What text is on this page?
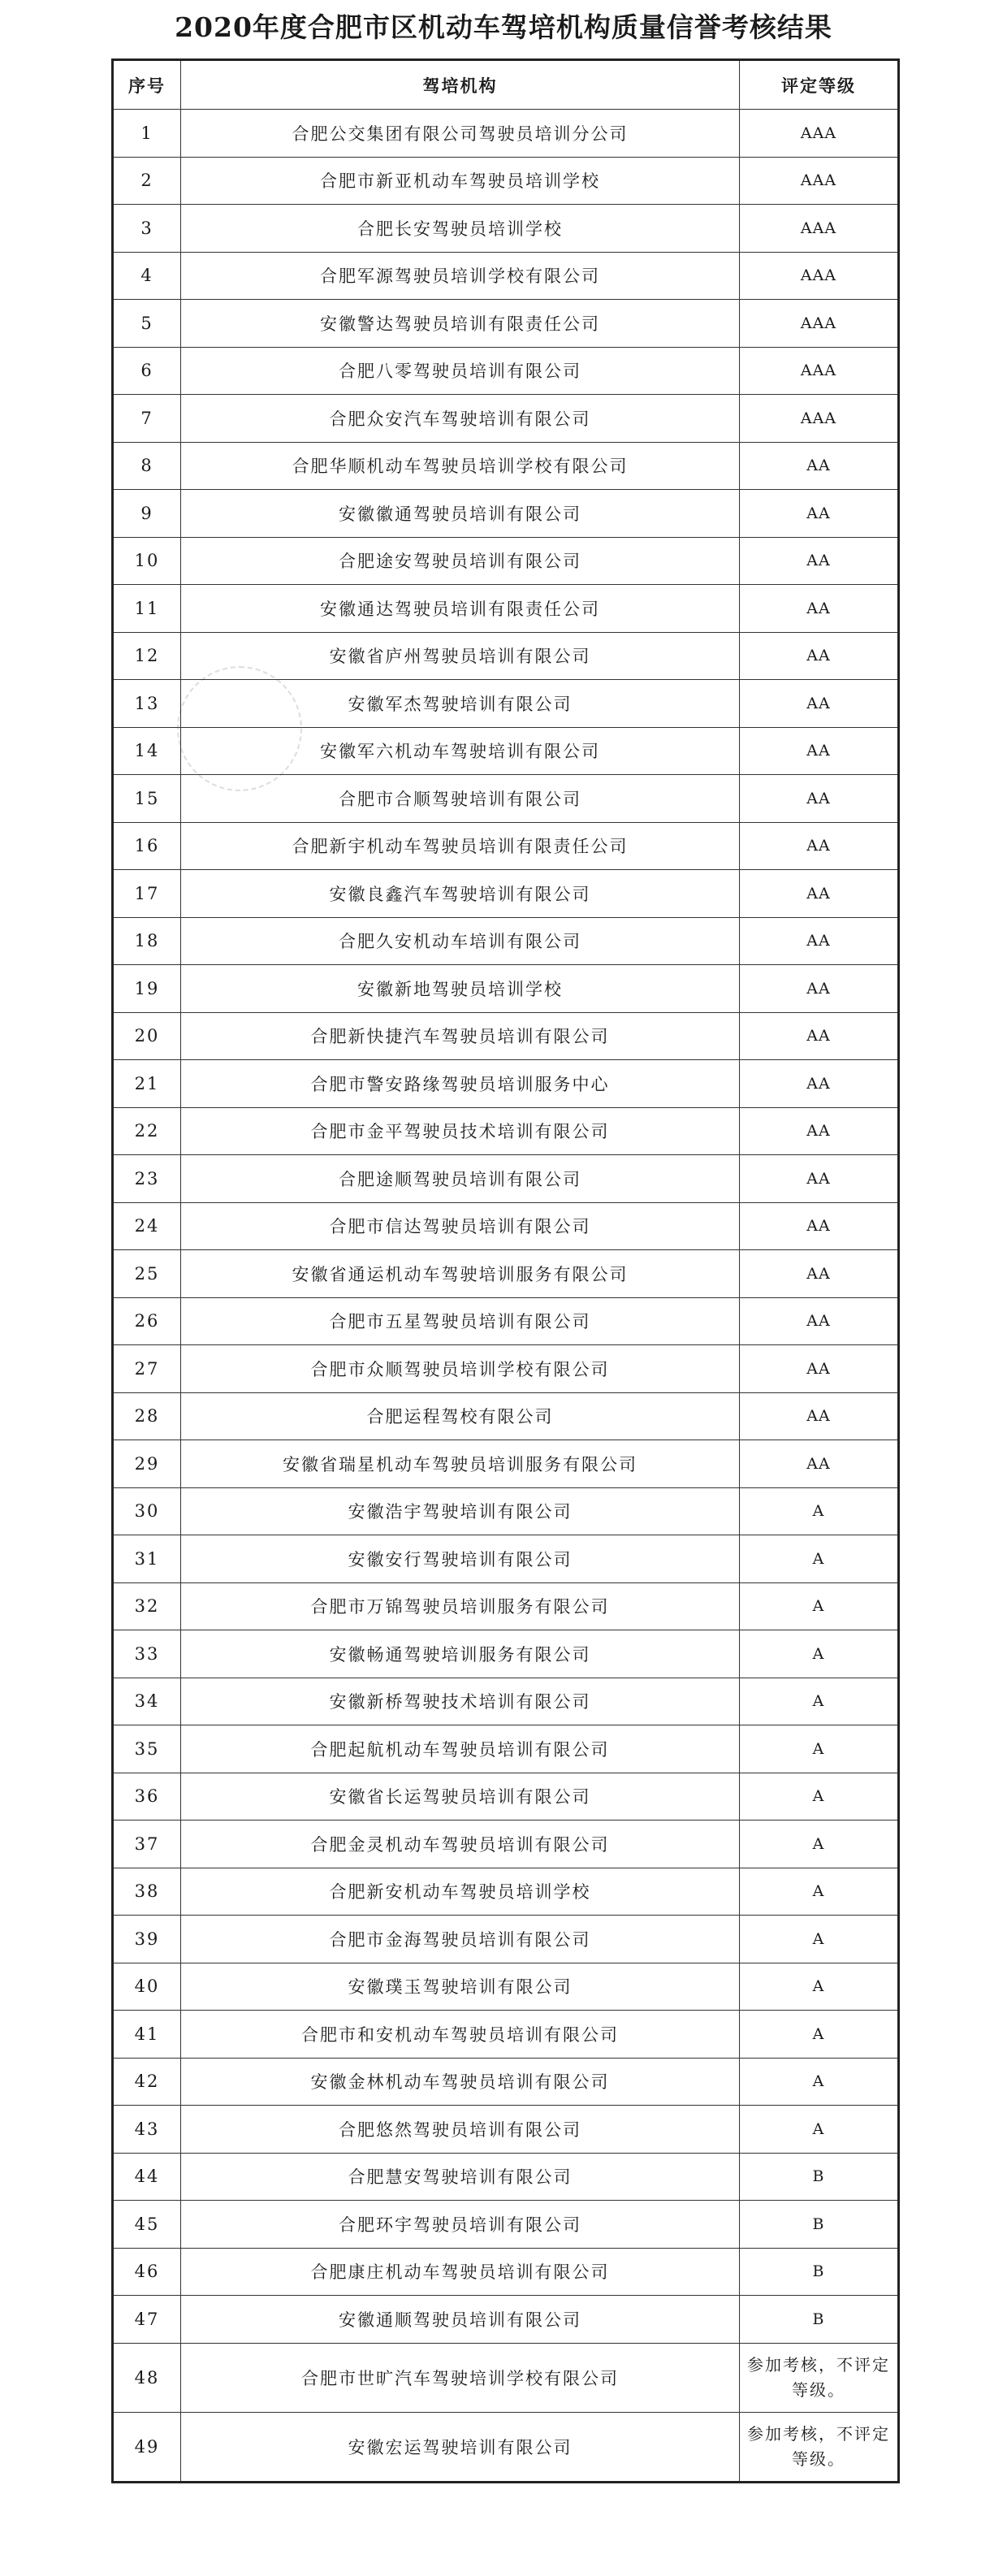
2020年度合肥市区机动车驾培机构质量信誉考核结果
序号	驾培机构	评定等级
1	合肥公交集团有限公司驾驶员培训分公司	AAA
2	合肥市新亚机动车驾驶员培训学校	AAA
3	合肥长安驾驶员培训学校	AAA
4	合肥军源驾驶员培训学校有限公司	AAA
5	安徽警达驾驶员培训有限责任公司	AAA
6	合肥八零驾驶员培训有限公司	AAA
7	合肥众安汽车驾驶培训有限公司	AAA
8	合肥华顺机动车驾驶员培训学校有限公司	AA
9	安徽徽通驾驶员培训有限公司	AA
10	合肥途安驾驶员培训有限公司	AA
11	安徽通达驾驶员培训有限责任公司	AA
12	安徽省庐州驾驶员培训有限公司	AA
13	安徽军杰驾驶培训有限公司	AA
14	安徽军六机动车驾驶培训有限公司	AA
15	合肥市合顺驾驶培训有限公司	AA
16	合肥新宇机动车驾驶员培训有限责任公司	AA
17	安徽良鑫汽车驾驶培训有限公司	AA
18	合肥久安机动车培训有限公司	AA
19	安徽新地驾驶员培训学校	AA
20	合肥新快捷汽车驾驶员培训有限公司	AA
21	合肥市警安路缘驾驶员培训服务中心	AA
22	合肥市金平驾驶员技术培训有限公司	AA
23	合肥途顺驾驶员培训有限公司	AA
24	合肥市信达驾驶员培训有限公司	AA
25	安徽省通运机动车驾驶培训服务有限公司	AA
26	合肥市五星驾驶员培训有限公司	AA
27	合肥市众顺驾驶员培训学校有限公司	AA
28	合肥运程驾校有限公司	AA
29	安徽省瑞星机动车驾驶员培训服务有限公司	AA
30	安徽浩宇驾驶培训有限公司	A
31	安徽安行驾驶培训有限公司	A
32	合肥市万锦驾驶员培训服务有限公司	A
33	安徽畅通驾驶培训服务有限公司	A
34	安徽新桥驾驶技术培训有限公司	A
35	合肥起航机动车驾驶员培训有限公司	A
36	安徽省长运驾驶员培训有限公司	A
37	合肥金灵机动车驾驶员培训有限公司	A
38	合肥新安机动车驾驶员培训学校	A
39	合肥市金海驾驶员培训有限公司	A
40	安徽璞玉驾驶培训有限公司	A
41	合肥市和安机动车驾驶员培训有限公司	A
42	安徽金林机动车驾驶员培训有限公司	A
43	合肥悠然驾驶员培训有限公司	A
44	合肥慧安驾驶培训有限公司	B
45	合肥环宇驾驶员培训有限公司	B
46	合肥康庄机动车驾驶员培训有限公司	B
47	安徽通顺驾驶员培训有限公司	B
48	合肥市世旷汽车驾驶培训学校有限公司	参加考核，不评定等级。
49	安徽宏运驾驶培训有限公司	参加考核，不评定等级。
